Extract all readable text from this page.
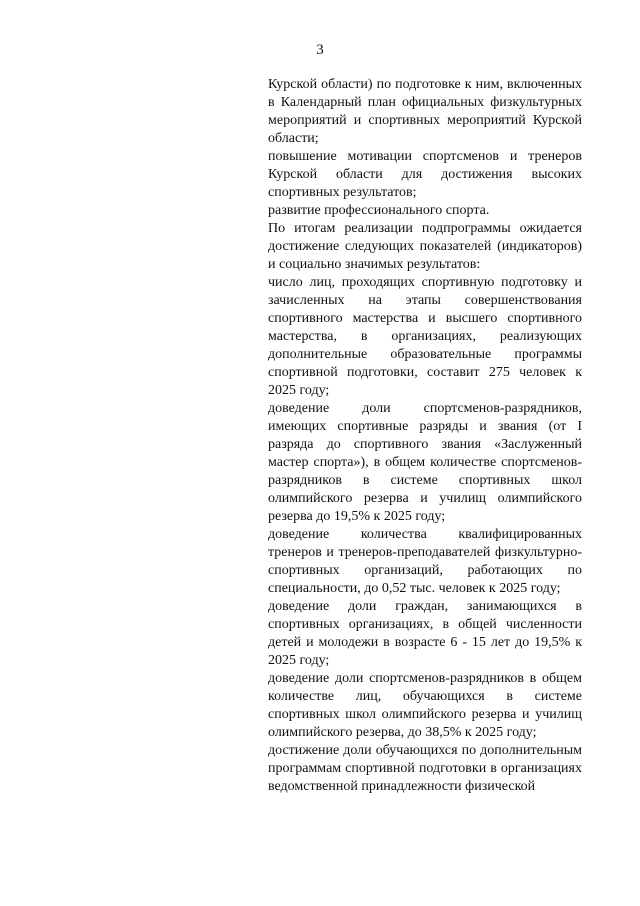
3

Курской области) по подготовке к ним, включенных в Календарный план официальных физкультурных мероприятий и спортивных мероприятий Курской области;

повышение мотивации спортсменов и тренеров Курской области для достижения высоких спортивных результатов;

развитие профессионального спорта.

По итогам реализации подпрограммы ожидается достижение следующих показателей (индикаторов) и социально значимых результатов:

число лиц, проходящих спортивную подготовку и зачисленных на этапы совершенствования спортивного мастерства и высшего спортивного мастерства, в организациях, реализующих дополнительные образовательные программы спортивной подготовки, составит 275 человек к 2025 году;

доведение доли спортсменов-разрядников, имеющих спортивные разряды и звания (от I разряда до спортивного звания «Заслуженный мастер спорта»), в общем количестве спортсменов-разрядников в системе спортивных школ олимпийского резерва и училищ олимпийского резерва до 19,5% к 2025 году;

доведение количества квалифицированных тренеров и тренеров-преподавателей физкультурно-спортивных организаций, работающих по специальности, до 0,52 тыс. человек к 2025 году;

доведение доли граждан, занимающихся в спортивных организациях, в общей численности детей и молодежи в возрасте 6 - 15 лет до 19,5% к 2025 году;

доведение доли спортсменов-разрядников в общем количестве лиц, обучающихся в системе спортивных школ олимпийского резерва и училищ олимпийского резерва, до 38,5% к 2025 году;

достижение доли обучающихся по дополнительным программам спортивной подготовки в организациях ведомственной принадлежности физической
